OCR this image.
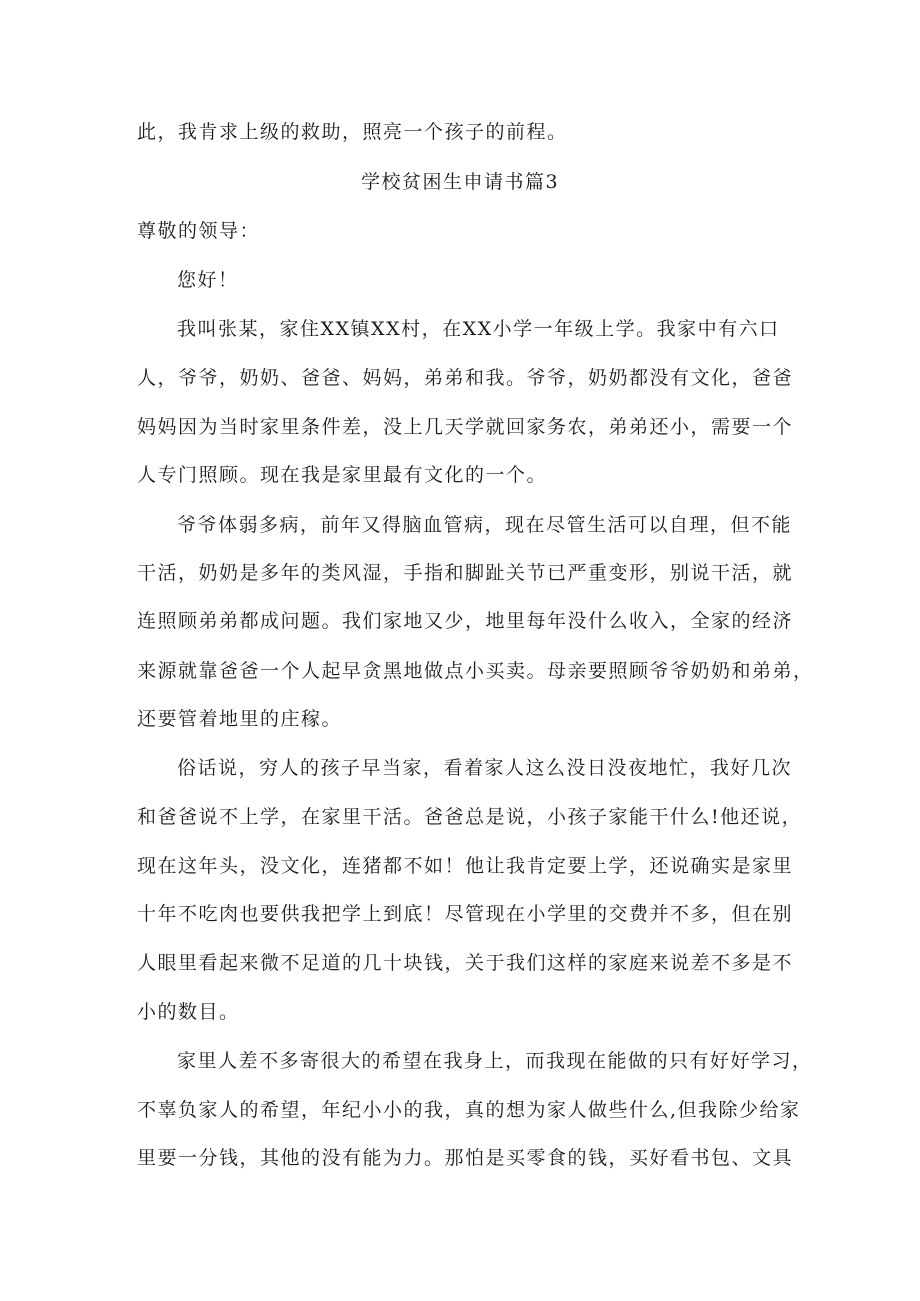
此，我肯求上级的救助，照亮一个孩子的前程。
学校贫困生申请书篇3
尊敬的领导：
您好！
我叫张某，家住XX镇XX村，在XX小学一年级上学。我家中有六口
人，爷爷，奶奶、爸爸、妈妈，弟弟和我。爷爷，奶奶都没有文化，爸爸
妈妈因为当时家里条件差，没上几天学就回家务农，弟弟还小，需要一个
人专门照顾。现在我是家里最有文化的一个。
爷爷体弱多病，前年又得脑血管病，现在尽管生活可以自理，但不能
干活，奶奶是多年的类风湿，手指和脚趾关节已严重变形，别说干活，就
连照顾弟弟都成问题。我们家地又少，地里每年没什么收入，全家的经济
来源就靠爸爸一个人起早贪黑地做点小买卖。母亲要照顾爷爷奶奶和弟弟，
还要管着地里的庄稼。
俗话说，穷人的孩子早当家，看着家人这么没日没夜地忙，我好几次
和爸爸说不上学，在家里干活。爸爸总是说，小孩子家能干什么!他还说，
现在这年头，没文化，连猪都不如！他让我肯定要上学，还说确实是家里
十年不吃肉也要供我把学上到底！尽管现在小学里的交费并不多，但在别
人眼里看起来微不足道的几十块钱，关于我们这样的家庭来说差不多是不
小的数目。
家里人差不多寄很大的希望在我身上，而我现在能做的只有好好学习，
不辜负家人的希望，年纪小小的我，真的想为家人做些什么,但我除少给家
里要一分钱，其他的没有能为力。那怕是买零食的钱，买好看书包、文具
